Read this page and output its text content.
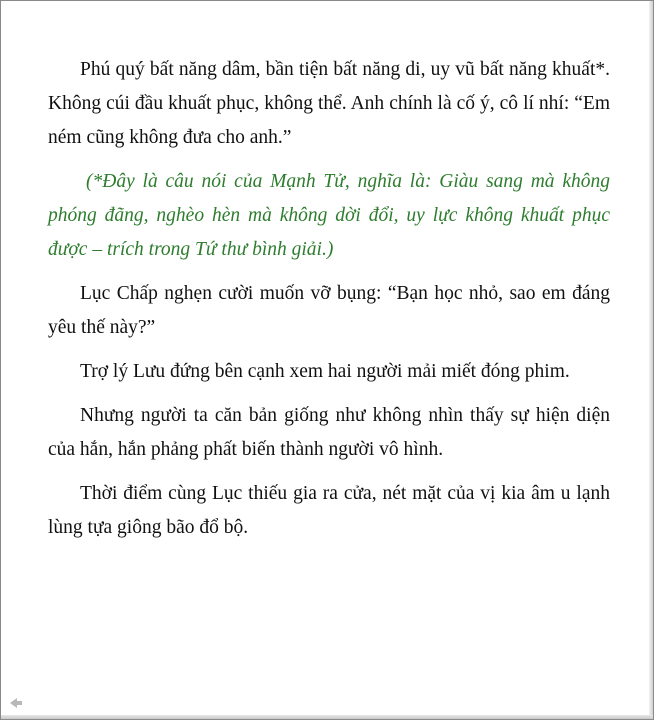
Phú quý bất năng dâm, bần tiện bất năng di, uy vũ bất năng khuất*. Không cúi đầu khuất phục, không thể. Anh chính là cố ý, cô lí nhí: “Em ném cũng không đưa cho anh.”

(*Đây là câu nói của Mạnh Tử, nghĩa là: Giàu sang mà không phóng đãng, nghèo hèn mà không dời đổi, uy lực không khuất phục được – trích trong Tứ thư bình giải.)

Lục Chấp nghẹn cười muốn vỡ bụng: “Bạn học nhỏ, sao em đáng yêu thế này?”

Trợ lý Lưu đứng bên cạnh xem hai người mải miết đóng phim.

Nhưng người ta căn bản giống như không nhìn thấy sự hiện diện của hắn, hắn phảng phất biến thành người vô hình.

Thời điểm cùng Lục thiếu gia ra cửa, nét mặt của vị kia âm u lạnh lùng tựa giông bão đổ bộ.
